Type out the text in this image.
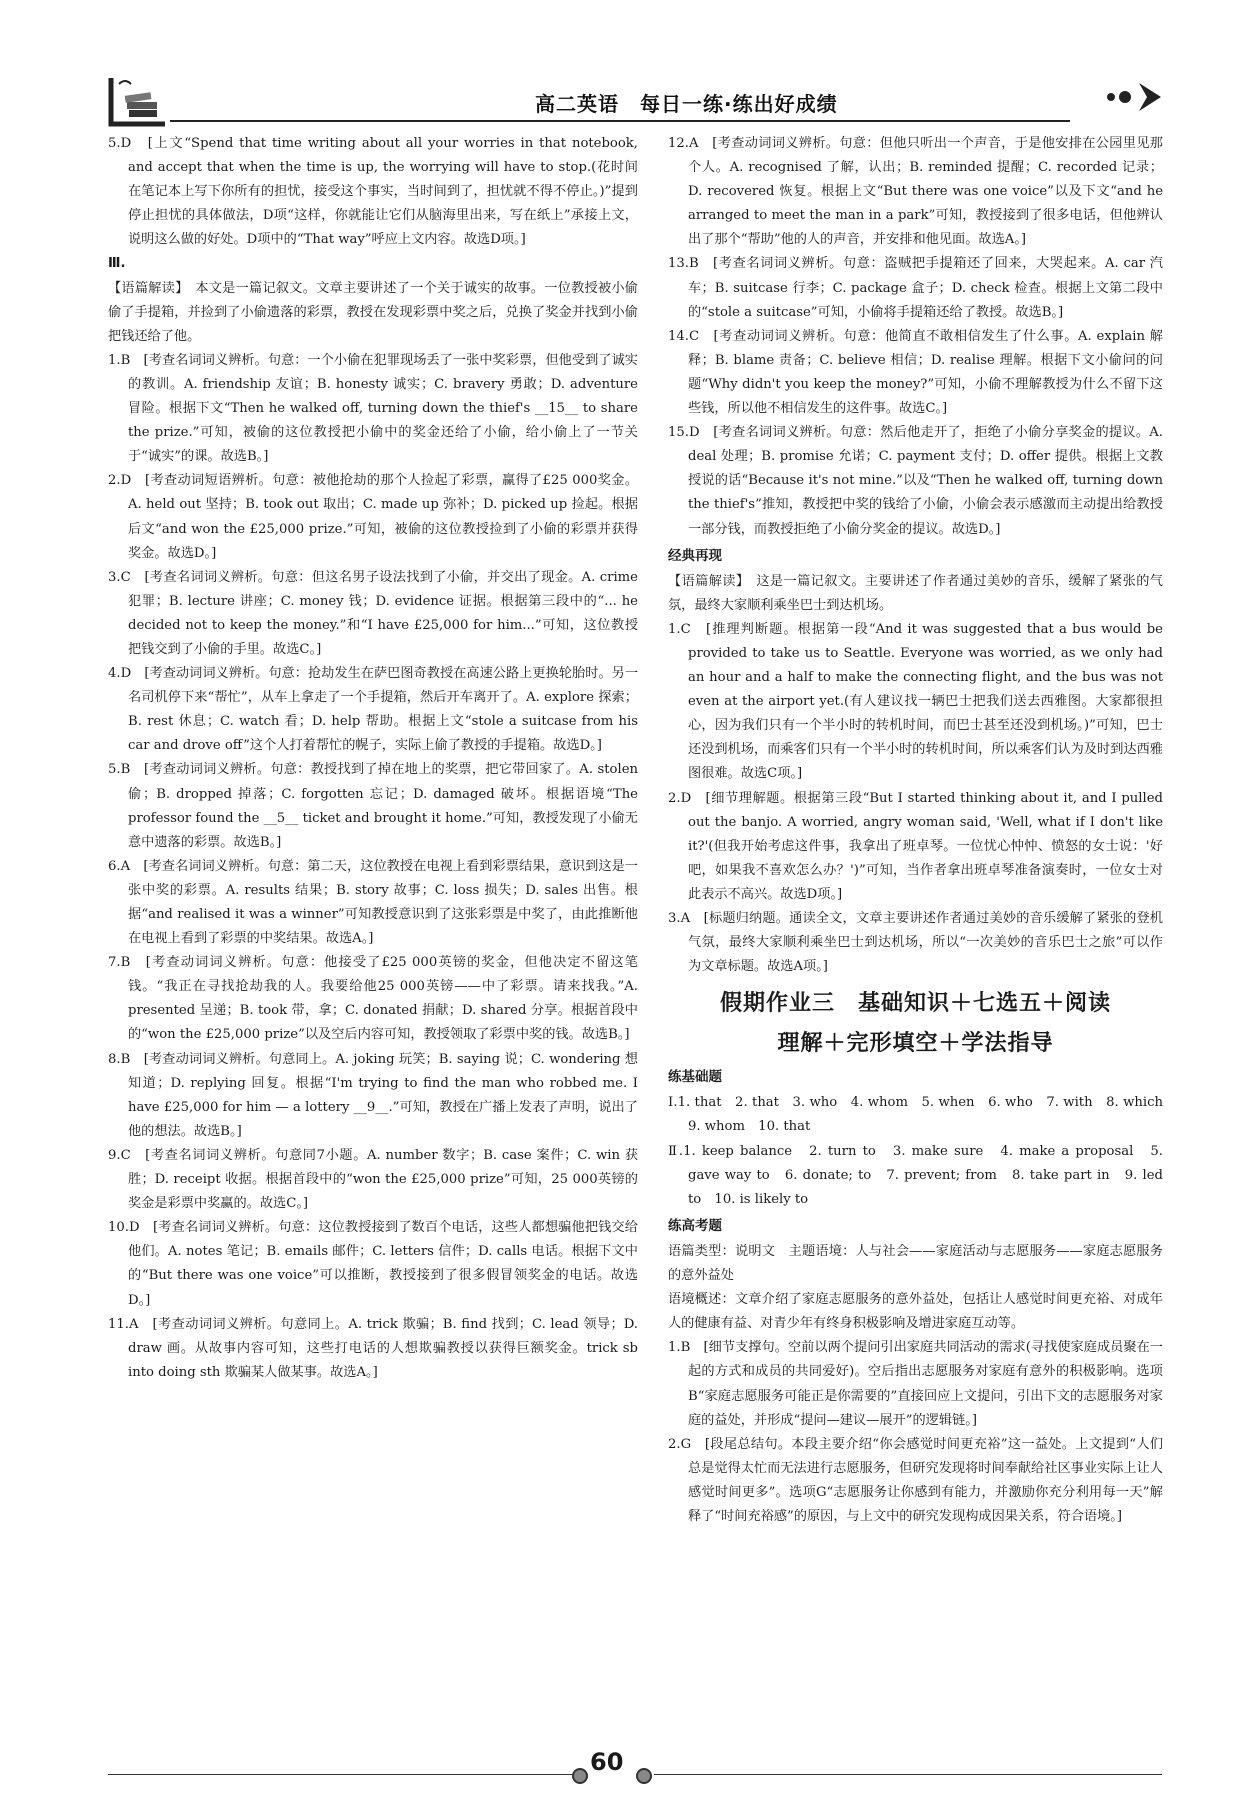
高二英语　每日一练·练出好成绩

5.D　[上文“Spend that time writing about all your worries in that notebook, and accept that when the time is up, the worrying will have to stop.(花时间在笔记本上写下你所有的担忧，接受这个事实，当时间到了，担忧就不得不停止。)”提到停止担忧的具体做法，D项“这样，你就能让它们从脑海里出来，写在纸上”承接上文，说明这么做的好处。D项中的“That way”呼应上文内容。故选D项。]

Ⅲ.

【语篇解读】　本文是一篇记叙文。文章主要讲述了一个关于诚实的故事。一位教授被小偷偷了手提箱，并捡到了小偷遗落的彩票，教授在发现彩票中奖之后，兑换了奖金并找到小偷把钱还给了他。

1.B　[考查名词词义辨析。句意：一个小偷在犯罪现场丢了一张中奖彩票，但他受到了诚实的教训。A. friendship 友谊；B. honesty 诚实；C. bravery 勇敢；D. adventure 冒险。根据下文“Then he walked off, turning down the thief's __15__ to share the prize.”可知，被偷的这位教授把小偷中的奖金还给了小偷，给小偷上了一节关于“诚实”的课。故选B。]

2.D　[考查动词短语辨析。句意：被他抢劫的那个人捡起了彩票，赢得了£25 000奖金。A. held out 坚持；B. took out 取出；C. made up 弥补；D. picked up 捡起。根据后文“and won the £25,000 prize.”可知，被偷的这位教授捡到了小偷的彩票并获得奖金。故选D。]

3.C　[考查名词词义辨析。句意：但这名男子设法找到了小偷，并交出了现金。A. crime 犯罪；B. lecture 讲座；C. money 钱；D. evidence 证据。根据第三段中的“... he decided not to keep the money.”和“I have £25,000 for him...”可知，这位教授把钱交到了小偷的手里。故选C。]

4.D　[考查动词词义辨析。句意：抢劫发生在萨巴图奇教授在高速公路上更换轮胎时。另一名司机停下来“帮忙”，从车上拿走了一个手提箱，然后开车离开了。A. explore 探索；B. rest 休息；C. watch 看；D. help 帮助。根据上文“stole a suitcase from his car and drove off”这个人打着帮忙的幌子，实际上偷了教授的手提箱。故选D。]

5.B　[考查动词词义辨析。句意：教授找到了掉在地上的奖票，把它带回家了。A. stolen 偷；B. dropped 掉落；C. forgotten 忘记；D. damaged 破坏。根据语境“The professor found the __5__ ticket and brought it home.”可知，教授发现了小偷无意中遗落的彩票。故选B。]

6.A　[考查名词词义辨析。句意：第二天，这位教授在电视上看到彩票结果，意识到这是一张中奖的彩票。A. results 结果；B. story 故事；C. loss 损失；D. sales 出售。根据“and realised it was a winner”可知教授意识到了这张彩票是中奖了，由此推断他在电视上看到了彩票的中奖结果。故选A。]

7.B　[考查动词词义辨析。句意：他接受了£25 000英镑的奖金，但他决定不留这笔钱。“我正在寻找抢劫我的人。我要给他25 000英镑——中了彩票。请来找我。”A. presented 呈递；B. took 带，拿；C. donated 捐献；D. shared 分享。根据首段中的“won the £25,000 prize”以及空后内容可知，教授领取了彩票中奖的钱。故选B。]

8.B　[考查动词词义辨析。句意同上。A. joking 玩笑；B. saying 说；C. wondering 想知道；D. replying 回复。根据“I'm trying to find the man who robbed me. I have £25,000 for him — a lottery __9__.”可知，教授在广播上发表了声明，说出了他的想法。故选B。]

9.C　[考查名词词义辨析。句意同7小题。A. number 数字；B. case 案件；C. win 获胜；D. receipt 收据。根据首段中的“won the £25,000 prize”可知，25 000英镑的奖金是彩票中奖赢的。故选C。]

10.D　[考查名词词义辨析。句意：这位教授接到了数百个电话，这些人都想骗他把钱交给他们。A. notes 笔记；B. emails 邮件；C. letters 信件；D. calls 电话。根据下文中的“But there was one voice”可以推断，教授接到了很多假冒领奖金的电话。故选D。]

11.A　[考查动词词义辨析。句意同上。A. trick 欺骗；B. find 找到；C. lead 领导；D. draw 画。从故事内容可知，这些打电话的人想欺骗教授以获得巨额奖金。trick sb into doing sth 欺骗某人做某事。故选A。]

12.A　[考查动词词义辨析。句意：但他只听出一个声音，于是他安排在公园里见那个人。A. recognised 了解，认出；B. reminded 提醒；C. recorded 记录；D. recovered 恢复。根据上文“But there was one voice”以及下文“and he arranged to meet the man in a park”可知，教授接到了很多电话，但他辨认出了那个“帮助”他的人的声音，并安排和他见面。故选A。]

13.B　[考查名词词义辨析。句意：盗贼把手提箱还了回来，大哭起来。A. car 汽车；B. suitcase 行李；C. package 盒子；D. check 检查。根据上文第二段中的“stole a suitcase”可知，小偷将手提箱还给了教授。故选B。]

14.C　[考查动词词义辨析。句意：他简直不敢相信发生了什么事。A. explain 解释；B. blame 责备；C. believe 相信；D. realise 理解。根据下文小偷问的问题“Why didn't you keep the money?”可知，小偷不理解教授为什么不留下这些钱，所以他不相信发生的这件事。故选C。]

15.D　[考查名词词义辨析。句意：然后他走开了，拒绝了小偷分享奖金的提议。A. deal 处理；B. promise 允诺；C. payment 支付；D. offer 提供。根据上文教授说的话“Because it's not mine.”以及“Then he walked off, turning down the thief's”推知，教授把中奖的钱给了小偷，小偷会表示感激而主动提出给教授一部分钱，而教授拒绝了小偷分奖金的提议。故选D。]

经典再现

【语篇解读】　这是一篇记叙文。主要讲述了作者通过美妙的音乐，缓解了紧张的气氛，最终大家顺利乘坐巴士到达机场。

1.C　[推理判断题。根据第一段“And it was suggested that a bus would be provided to take us to Seattle. Everyone was worried, as we only had an hour and a half to make the connecting flight, and the bus was not even at the airport yet.(有人建议找一辆巴士把我们送去西雅图。大家都很担心，因为我们只有一个半小时的转机时间，而巴士甚至还没到机场。)”可知，巴士还没到机场，而乘客们只有一个半小时的转机时间，所以乘客们认为及时到达西雅图很难。故选C项。]

2.D　[细节理解题。根据第三段“But I started thinking about it, and I pulled out the banjo. A worried, angry woman said, 'Well, what if I don't like it?'(但我开始考虑这件事，我拿出了班卓琴。一位忧心忡忡、愤怒的女士说：'好吧，如果我不喜欢怎么办？')”可知，当作者拿出班卓琴准备演奏时，一位女士对此表示不高兴。故选D项。]

3.A　[标题归纳题。通读全文，文章主要讲述作者通过美妙的音乐缓解了紧张的登机气氛，最终大家顺利乘坐巴士到达机场，所以“一次美妙的音乐巴士之旅”可以作为文章标题。故选A项。]

假期作业三　基础知识＋七选五＋阅读
理解＋完形填空＋学法指导

练基础题

Ⅰ.1. that　2. that　3. who　4. whom　5. when　6. who　7. with　8. which　9. whom　10. that

Ⅱ.1. keep balance　2. turn to　3. make sure　4. make a proposal　5. gave way to　6. donate; to　7. prevent; from　8. take part in　9. led to　10. is likely to

练高考题

语篇类型：说明文　主题语境：人与社会——家庭活动与志愿服务——家庭志愿服务的意外益处

语境概述：文章介绍了家庭志愿服务的意外益处，包括让人感觉时间更充裕、对成年人的健康有益、对青少年有终身积极影响及增进家庭互动等。

1.B　[细节支撑句。空前以两个提问引出家庭共同活动的需求(寻找使家庭成员聚在一起的方式和成员的共同爱好)。空后指出志愿服务对家庭有意外的积极影响。选项B“家庭志愿服务可能正是你需要的”直接回应上文提问，引出下文的志愿服务对家庭的益处，并形成“提问—建议—展开”的逻辑链。]

2.G　[段尾总结句。本段主要介绍“你会感觉时间更充裕”这一益处。上文提到“人们总是觉得太忙而无法进行志愿服务，但研究发现将时间奉献给社区事业实际上让人感觉时间更多”。选项G“志愿服务让你感到有能力，并激励你充分利用每一天”解释了“时间充裕感”的原因，与上文中的研究发现构成因果关系，符合语境。]

60
